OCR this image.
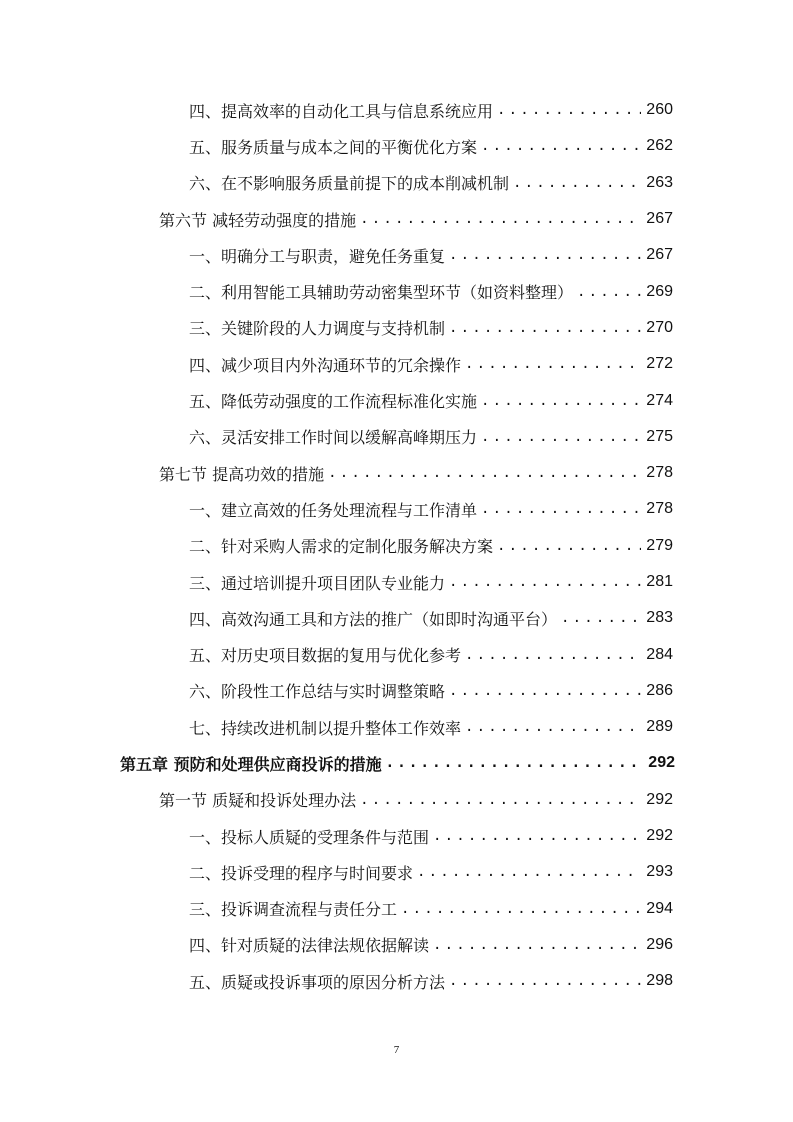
四、提高效率的自动化工具与信息系统应用 .....	260
五、服务质量与成本之间的平衡优化方案 .....	262
六、在不影响服务质量前提下的成本削减机制 .....	263
第六节 减轻劳动强度的措施 .....	267
一、明确分工与职责，避免任务重复 .....	267
二、利用智能工具辅助劳动密集型环节（如资料整理） .....	269
三、关键阶段的人力调度与支持机制 .....	270
四、减少项目内外沟通环节的冗余操作 .....	272
五、降低劳动强度的工作流程标准化实施 .....	274
六、灵活安排工作时间以缓解高峰期压力 .....	275
第七节 提高功效的措施 .....	278
一、建立高效的任务处理流程与工作清单 .....	278
二、针对采购人需求的定制化服务解决方案 .....	279
三、通过培训提升项目团队专业能力 .....	281
四、高效沟通工具和方法的推广（如即时沟通平台） .....	283
五、对历史项目数据的复用与优化参考 .....	284
六、阶段性工作总结与实时调整策略 .....	286
七、持续改进机制以提升整体工作效率 .....	289
第五章 预防和处理供应商投诉的措施 .....	292
第一节 质疑和投诉处理办法 .....	292
一、投标人质疑的受理条件与范围 .....	292
二、投诉受理的程序与时间要求 .....	293
三、投诉调查流程与责任分工 .....	294
四、针对质疑的法律法规依据解读 .....	296
五、质疑或投诉事项的原因分析方法 .....	298
7
